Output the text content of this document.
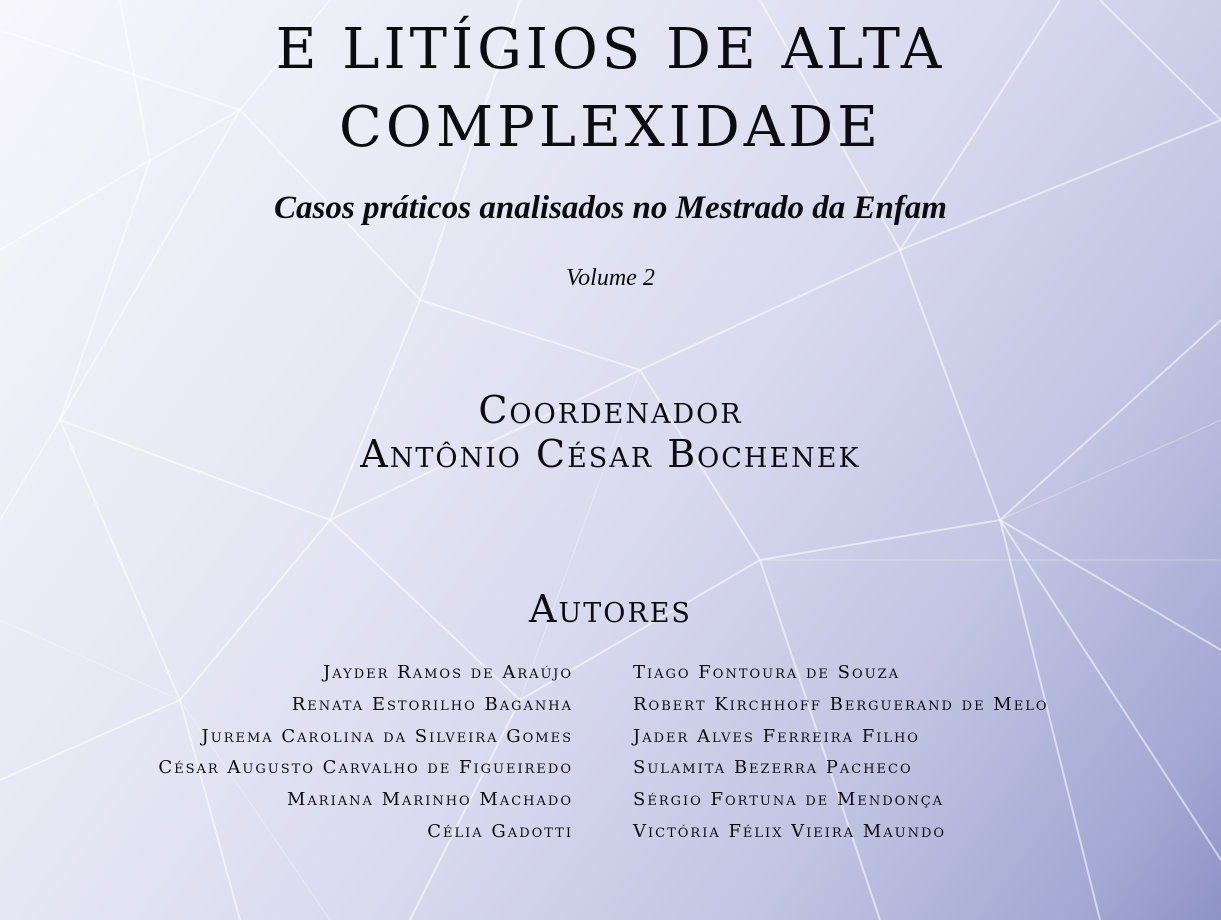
E LITÍGIOS DE ALTA
COMPLEXIDADE
Casos práticos analisados no Mestrado da Enfam
Volume 2
Coordenador
Antônio César Bochenek
Autores
Jayder Ramos de Araújo
Renata Estorilho Baganha
Jurema Carolina da Silveira Gomes
César Augusto Carvalho de Figueiredo
Mariana Marinho Machado
Célia Gadotti
Tiago Fontoura de Souza
Robert Kirchhoff Berguerand de Melo
Jader Alves Ferreira Filho
Sulamita Bezerra Pacheco
Sérgio Fortuna de Mendonça
Victória Félix Vieira Maundo
